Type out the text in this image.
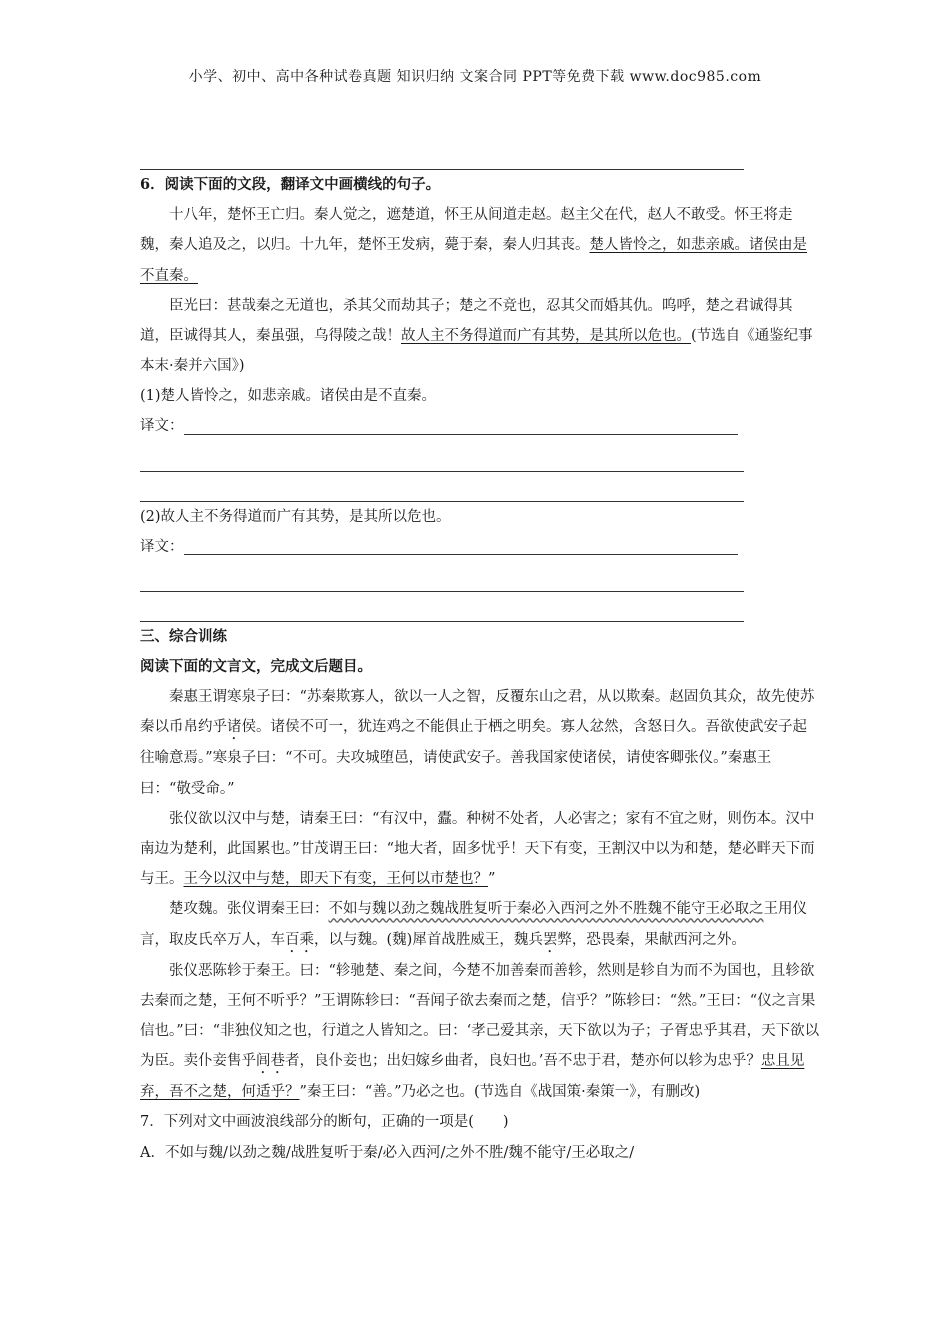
小学、初中、高中各种试卷真题 知识归纳 文案合同 PPT等免费下载 www.doc985.com

6．阅读下面的文段，翻译文中画横线的句子。

十八年，楚怀王亡归。秦人觉之，遮楚道，怀王从间道走赵。赵主父在代，赵人不敢受。怀王将走魏，秦人追及之，以归。十九年，楚怀王发病，薨于秦，秦人归其丧。楚人皆怜之，如悲亲戚。诸侯由是不直秦。

臣光曰：甚哉秦之无道也，杀其父而劫其子；楚之不竞也，忍其父而婚其仇。呜呼，楚之君诚得其道，臣诚得其人，秦虽强，乌得陵之哉！故人主不务得道而广有其势，是其所以危也。(节选自《通鉴纪事本末·秦并六国》)

(1)楚人皆怜之，如悲亲戚。诸侯由是不直秦。

译文：

(2)故人主不务得道而广有其势，是其所以危也。

译文：

三、综合训练

阅读下面的文言文，完成文后题目。

秦惠王谓寒泉子曰：“苏秦欺寡人，欲以一人之智，反覆东山之君，从以欺秦。赵固负其众，故先使苏秦以币帛约乎诸侯。诸侯不可一，犹连鸡之不能俱止于栖之明矣。寡人忿然，含怒日久。吾欲使武安子起往喻意焉。”寒泉子曰：“不可。夫攻城堕邑，请使武安子。善我国家使诸侯，请使客卿张仪。”秦惠王曰：“敬受命。”

张仪欲以汉中与楚，请秦王曰：“有汉中，蠹。种树不处者，人必害之；家有不宜之财，则伤本。汉中南边为楚利，此国累也。”甘茂谓王曰：“地大者，固多忧乎！天下有变，王割汉中以为和楚，楚必畔天下而与王。王今以汉中与楚，即天下有变，王何以市楚也？”

楚攻魏。张仪谓秦王曰：不如与魏以劲之魏战胜复听于秦必入西河之外不胜魏不能守王必取之王用仪言，取皮氏卒万人，车百乘，以与魏。(魏)犀首战胜威王，魏兵罢弊，恐畏秦，果献西河之外。

张仪恶陈轸于秦王。曰：“轸驰楚、秦之间，今楚不加善秦而善轸，然则是轸自为而不为国也，且轸欲去秦而之楚，王何不听乎？”王谓陈轸曰：“吾闻子欲去秦而之楚，信乎？”陈轸曰：“然。”王曰：“仪之言果信也。”曰：“非独仪知之也，行道之人皆知之。曰：‘孝己爱其亲，天下欲以为子；子胥忠乎其君，天下欲以为臣。卖仆妾售乎闾巷者，良仆妾也；出妇嫁乡曲者，良妇也。’吾不忠于君，楚亦何以轸为忠乎？忠且见弃，吾不之楚，何适乎？”秦王曰：“善。”乃必之也。(节选自《战国策·秦策一》，有删改)

7．下列对文中画波浪线部分的断句，正确的一项是(　　)

A．不如与魏/以劲之魏/战胜复听于秦/必入西河/之外不胜/魏不能守/王必取之/
